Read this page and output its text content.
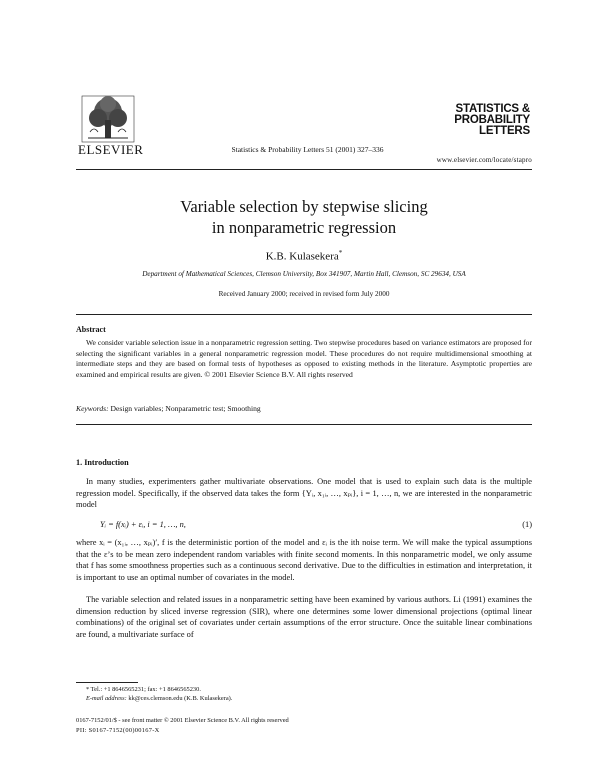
ELSEVIER	Statistics & Probability Letters 51 (2001) 327–336
STATISTICS &
PROBABILITY
LETTERS
www.elsevier.com/locate/stapro
Variable selection by stepwise slicing
in nonparametric regression
K.B. Kulasekera*
Department of Mathematical Sciences, Clemson University, Box 341907, Martin Hall, Clemson, SC 29634, USA
Received January 2000; received in revised form July 2000
Abstract
We consider variable selection issue in a nonparametric regression setting. Two stepwise procedures based on variance estimators are proposed for selecting the significant variables in a general nonparametric regression model. These procedures do not require multidimensional smoothing at intermediate steps and they are based on formal tests of hypotheses as opposed to existing methods in the literature. Asymptotic properties are examined and empirical results are given. © 2001 Elsevier Science B.V. All rights reserved
Keywords: Design variables; Nonparametric test; Smoothing
1. Introduction
In many studies, experimenters gather multivariate observations. One model that is used to explain such data is the multiple regression model. Specifically, if the observed data takes the form {Yᵢ, x₁ᵢ, …, xₚᵢ}, i = 1, …, n, we are interested in the nonparametric model
Yᵢ = f(xᵢ) + εᵢ, i = 1, …, n,	(1)
where xᵢ = (x₁ᵢ, …, xₚᵢ)′, f is the deterministic portion of the model and εᵢ is the ith noise term. We will make the typical assumptions that the ε’s to be mean zero independent random variables with finite second moments. In this nonparametric model, we only assume that f has some smoothness properties such as a continuous second derivative. Due to the difficulties in estimation and interpretation, it is important to use an optimal number of covariates in the model.
The variable selection and related issues in a nonparametric setting have been examined by various authors. Li (1991) examines the dimension reduction by sliced inverse regression (SIR), where one determines some lower dimensional projections (optimal linear combinations) of the original set of covariates under certain assumptions of the error structure. Once the suitable linear combinations are found, a multivariate surface of
* Tel.: +1 8646565231; fax: +1 8646565230.
E-mail address: kk@ces.clemson.edu (K.B. Kulasekera).
0167-7152/01/$ - see front matter © 2001 Elsevier Science B.V. All rights reserved
PII: S0167-7152(00)00167-X
